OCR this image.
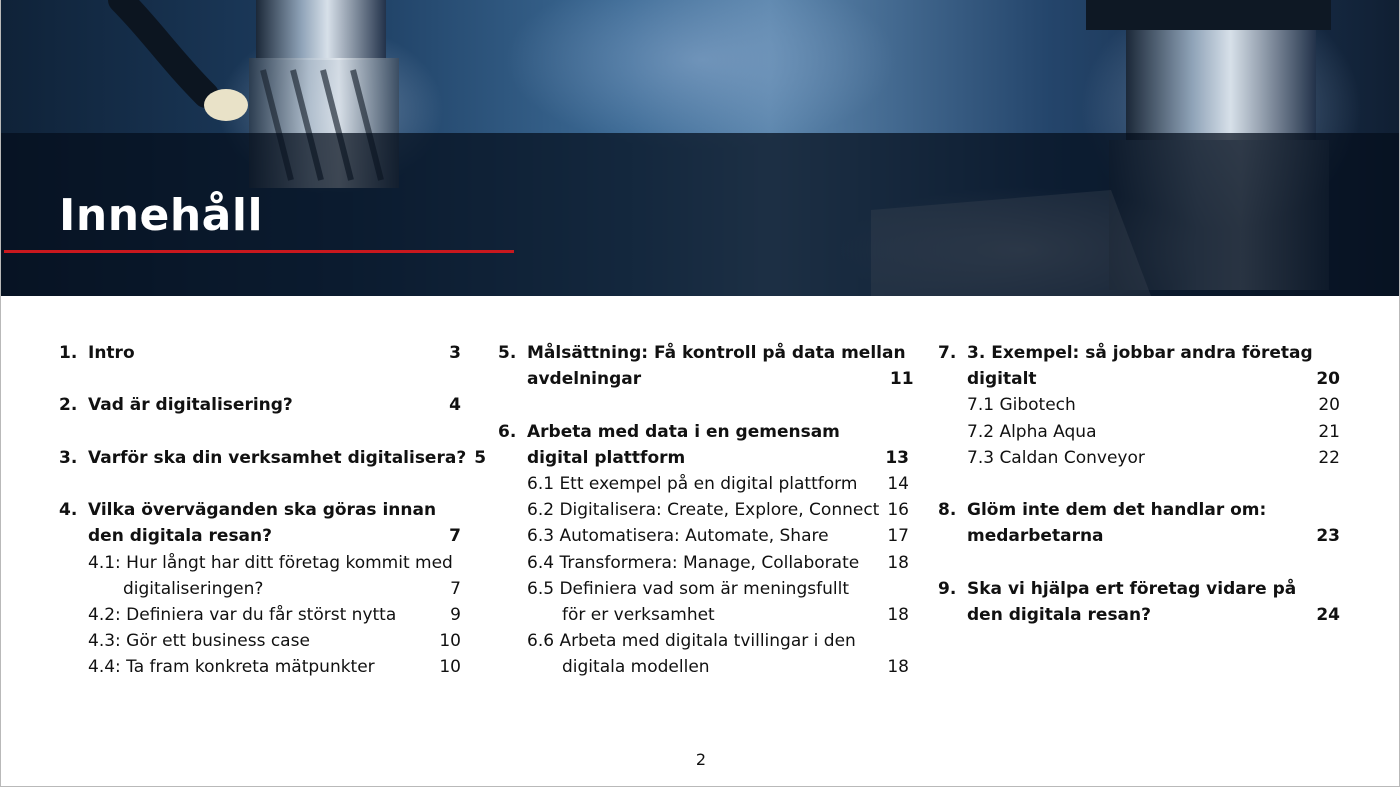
Innehåll
1. Intro	3
2. Vad är digitalisering?	4
3. Varför ska din verksamhet digitalisera? 5
4. Vilka överväganden ska göras innan
den digitala resan?	7
4.1: Hur långt har ditt företag kommit med
digitaliseringen?	7
4.2: Definiera var du får störst nytta	9
4.3: Gör ett business case	10
4.4: Ta fram konkreta mätpunkter	10
5. Målsättning: Få kontroll på data mellan
avdelningar	11
6. Arbeta med data i en gemensam
digital plattform	13
6.1 Ett exempel på en digital plattform	14
6.2 Digitalisera: Create, Explore, Connect 16
6.3 Automatisera: Automate, Share	17
6.4 Transformera: Manage, Collaborate	18
6.5 Definiera vad som är meningsfullt
för er verksamhet	18
6.6 Arbeta med digitala tvillingar i den
digitala modellen	18
7. 3. Exempel: så jobbar andra företag
digitalt	20
7.1 Gibotech	20
7.2 Alpha Aqua	21
7.3 Caldan Conveyor	22
8. Glöm inte dem det handlar om:
medarbetarna	23
9. Ska vi hjälpa ert företag vidare på
den digitala resan?	24
2
